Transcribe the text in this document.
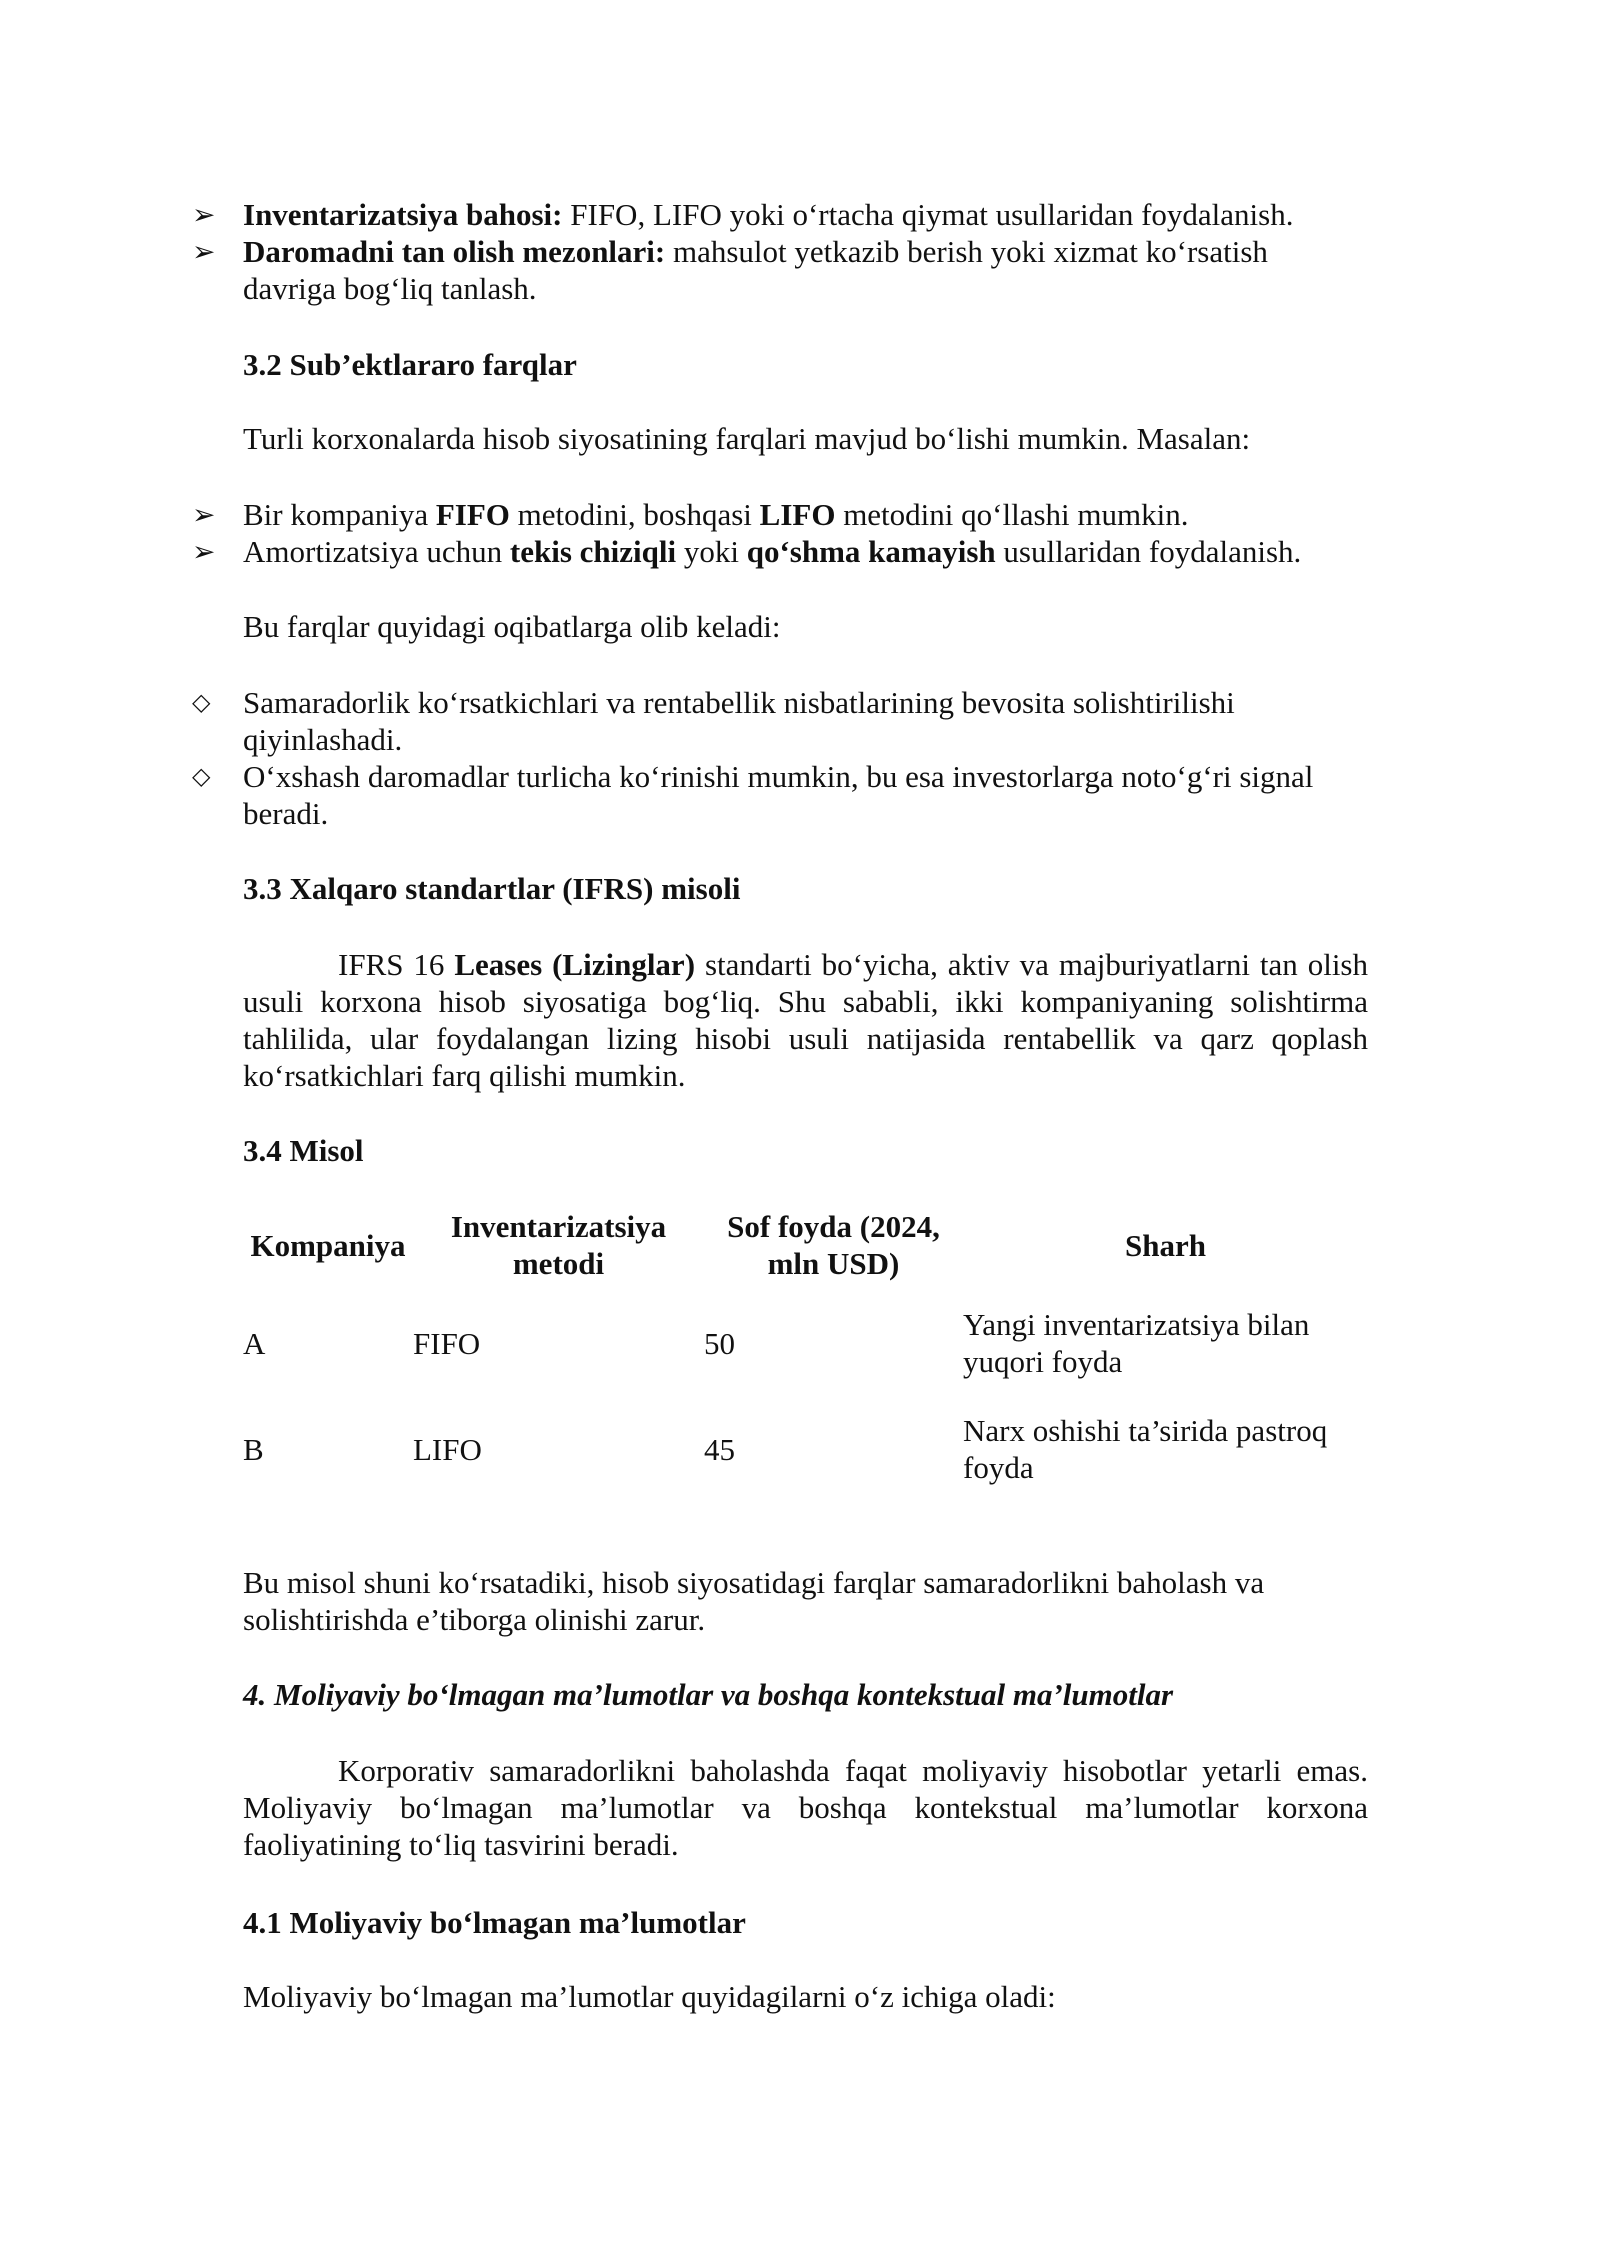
➢ Inventarizatsiya bahosi: FIFO, LIFO yoki o‘rtacha qiymat usullaridan foydalanish.
➢ Daromadni tan olish mezonlari: mahsulot yetkazib berish yoki xizmat ko‘rsatish davriga bog‘liq tanlash.
3.2 Sub’ektlararo farqlar
Turli korxonalarda hisob siyosatining farqlari mavjud bo‘lishi mumkin. Masalan:
➢ Bir kompaniya FIFO metodini, boshqasi LIFO metodini qo‘llashi mumkin.
➢ Amortizatsiya uchun tekis chiziqli yoki qo‘shma kamayish usullaridan foydalanish.
Bu farqlar quyidagi oqibatlarga olib keladi:
◇	Samaradorlik ko‘rsatkichlari va rentabellik nisbatlarining bevosita solishtirilishi qiyinlashadi.
◇	O‘xshash daromadlar turlicha ko‘rinishi mumkin, bu esa investorlarga noto‘g‘ri signal beradi.
3.3 Xalqaro standartlar (IFRS) misoli
IFRS 16 Leases (Lizinglar) standarti bo‘yicha, aktiv va majburiyatlarni tan olish usuli korxona hisob siyosatiga bog‘liq. Shu sababli, ikki kompaniyaning solishtirma tahlilida, ular foydalangan lizing hisobi usuli natijasida rentabellik va qarz qoplash ko‘rsatkichlari farq qilishi mumkin.
3.4 Misol
Kompaniya	Inventarizatsiya metodi	Sof foyda (2024, mln USD)	Sharh
A	FIFO	50	Yangi inventarizatsiya bilan yuqori foyda
B	LIFO	45	Narx oshishi ta’sirida pastroq foyda
Bu misol shuni ko‘rsatadiki, hisob siyosatidagi farqlar samaradorlikni baholash va solishtirishda e’tiborga olinishi zarur.
4. Moliyaviy bo‘lmagan ma’lumotlar va boshqa kontekstual ma’lumotlar
Korporativ samaradorlikni baholashda faqat moliyaviy hisobotlar yetarli emas. Moliyaviy bo‘lmagan ma’lumotlar va boshqa kontekstual ma’lumotlar korxona faoliyatining to‘liq tasvirini beradi.
4.1 Moliyaviy bo‘lmagan ma’lumotlar
Moliyaviy bo‘lmagan ma’lumotlar quyidagilarni o‘z ichiga oladi:
